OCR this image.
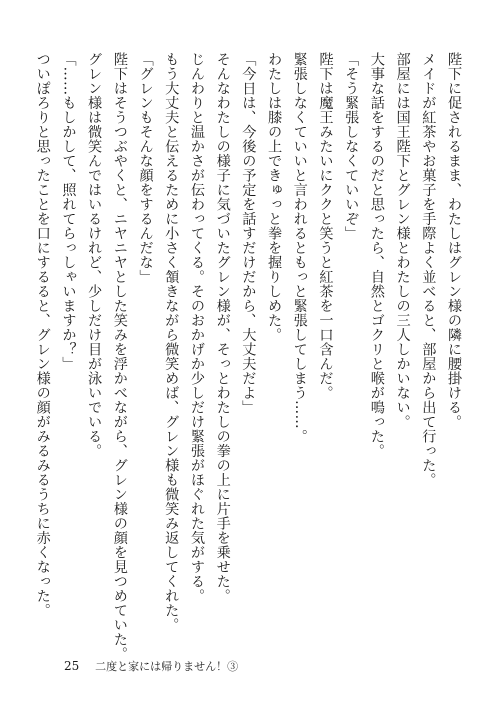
陛下に促されるまま、わたしはグレン様の隣に腰掛ける。

メイドが紅茶やお菓子を手際よく並べると、部屋から出て行った。

部屋には国王陛下とグレン様とわたしの三人しかいない。

大事な話をするのだと思ったら、自然とゴクリと喉が鳴った。

「そう緊張しなくていいぞ」

陛下は魔王みたいにククと笑うと紅茶を一口含んだ。

緊張しなくていいと言われるともっと緊張してしまう……。

わたしは膝の上できゅっと拳を握りしめた。

「今日は、今後の予定を話すだけだから、大丈夫だよ」

そんなわたしの様子に気づいたグレン様が、そっとわたしの拳の上に片手を乗せた。

じんわりと温かさが伝わってくる。そのおかげか少しだけ緊張がほぐれた気がする。

もう大丈夫と伝えるために小さく頷きながら微笑めば、グレン様も微笑み返してくれた。

「グレンもそんな顔をするんだな」

陛下はそうつぶやくと、ニヤニヤとした笑みを浮かべながら、グレン様の顔を見つめていた。

グレン様は微笑んではいるけれど、少しだけ目が泳いでいる。

「……もしかして、照れてらっしゃいますか？」

ついぽろりと思ったことを口にするると、グレン様の顔がみるみるうちに赤くなった。

25 二度と家には帰りません！③
